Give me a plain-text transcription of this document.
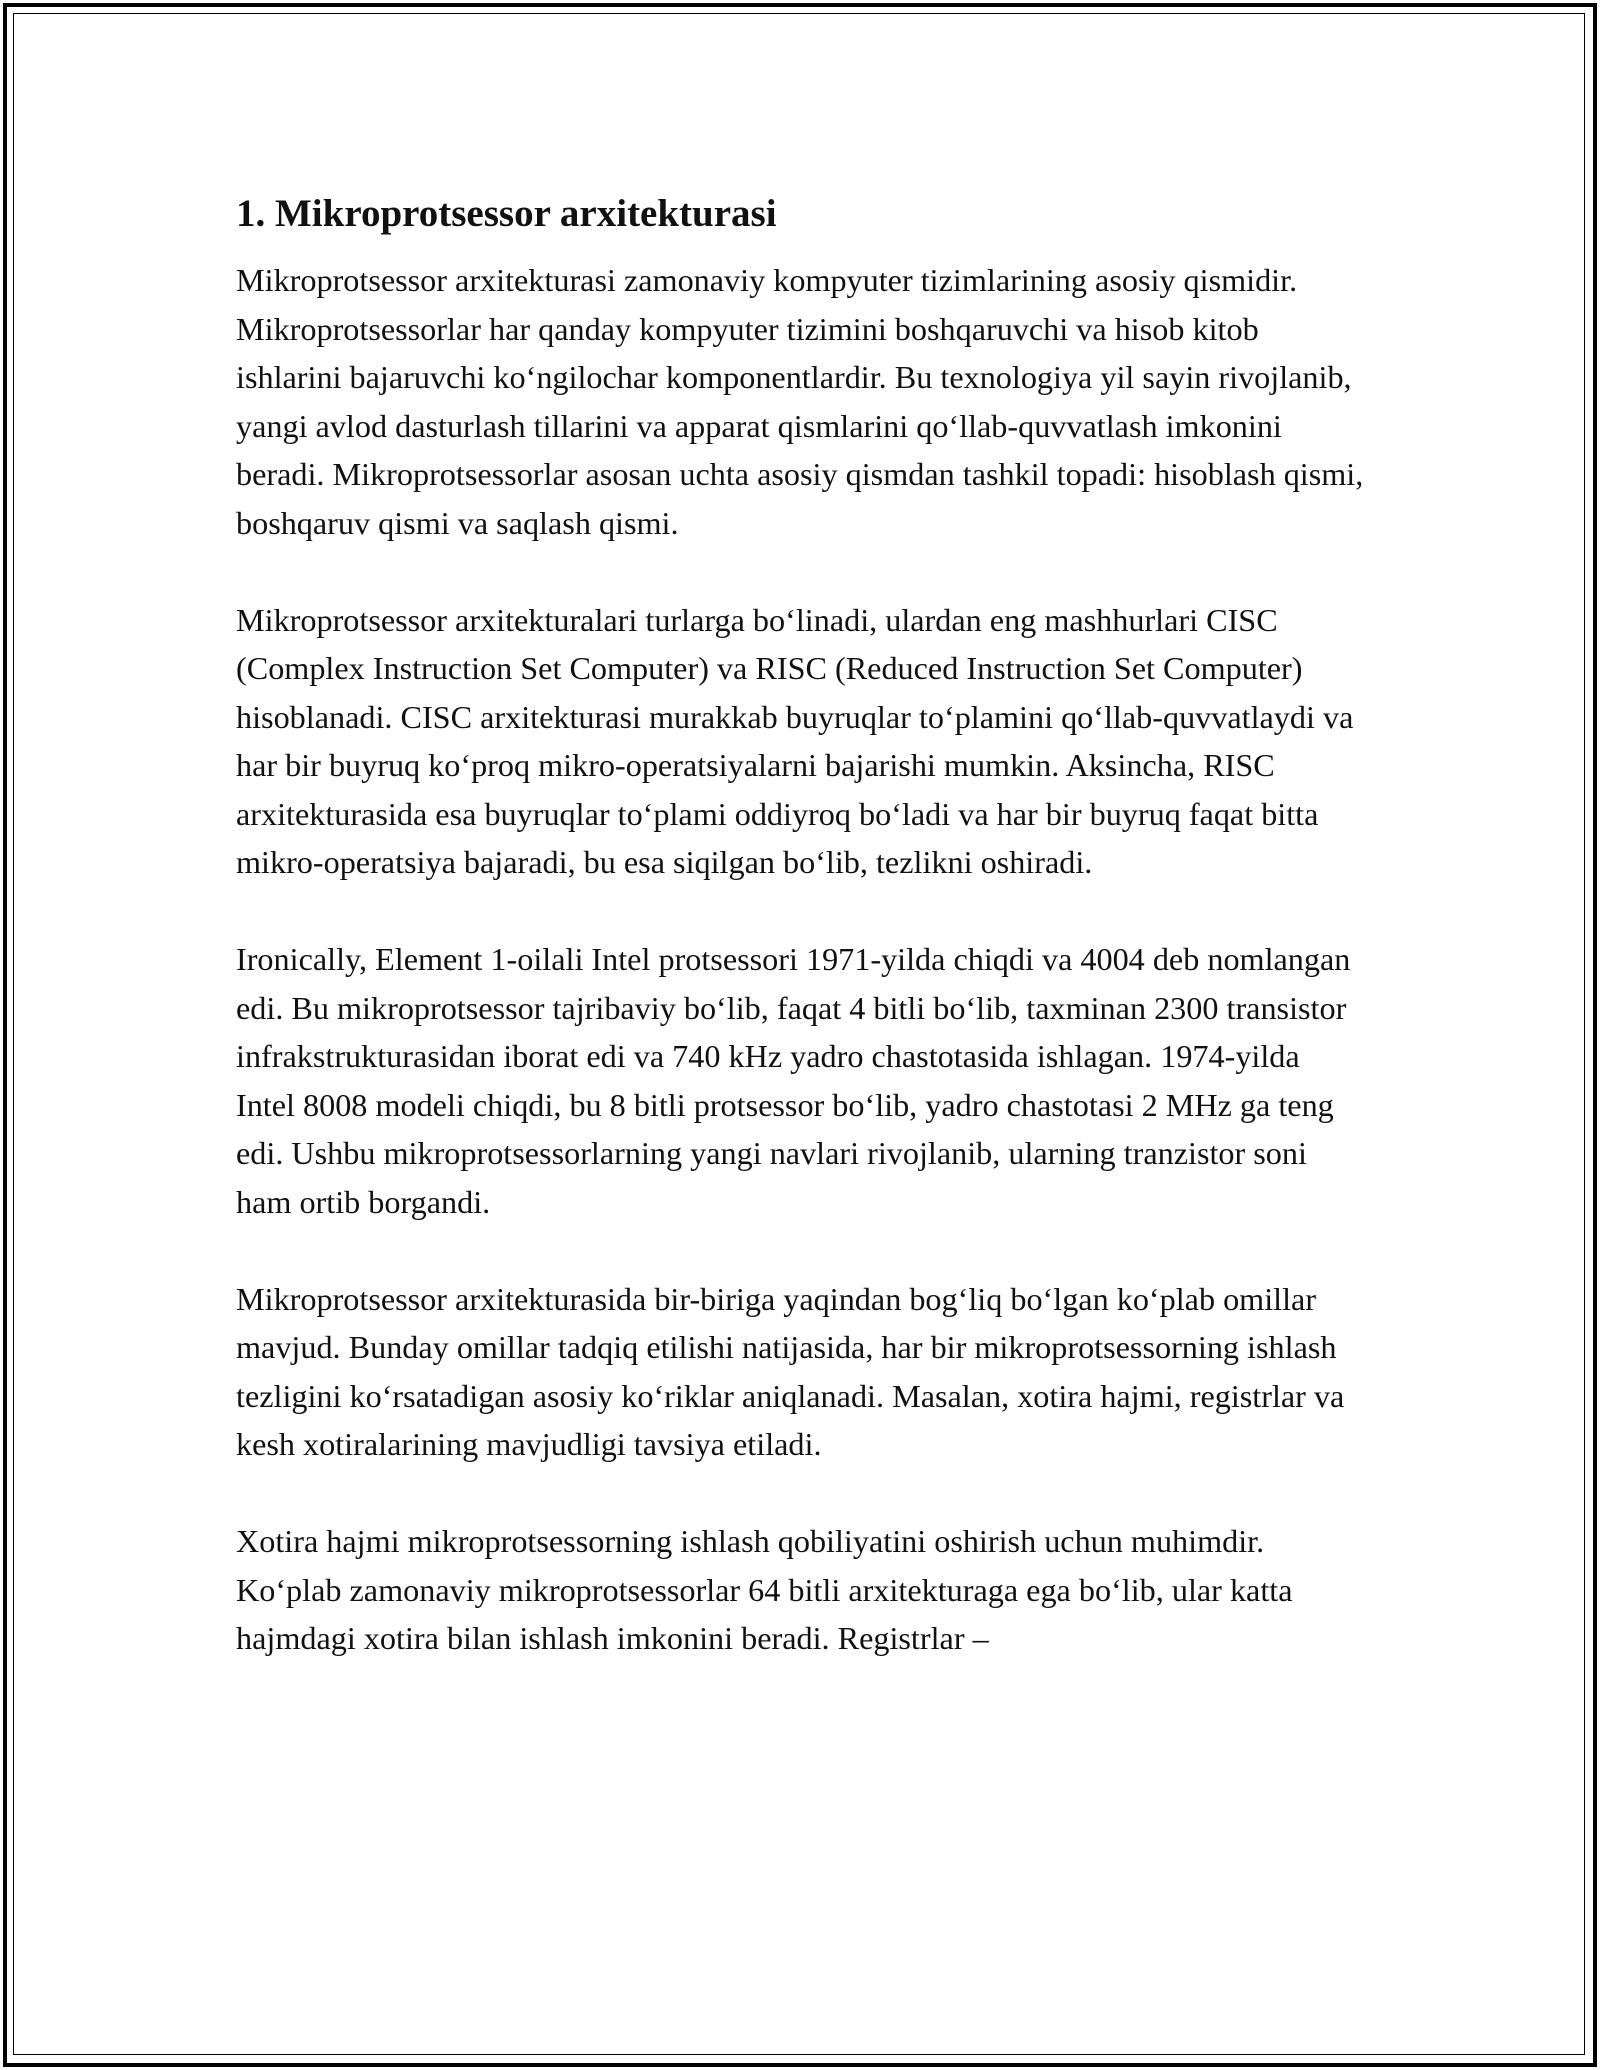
1. Mikroprotsessor arxitekturasi

Mikroprotsessor arxitekturasi zamonaviy kompyuter tizimlarining asosiy qismidir. Mikroprotsessorlar har qanday kompyuter tizimini boshqaruvchi va hisob kitob ishlarini bajaruvchi ko‘ngilochar komponentlardir. Bu texnologiya yil sayin rivojlanib, yangi avlod dasturlash tillarini va apparat qismlarini qo‘llab-quvvatlash imkonini beradi. Mikroprotsessorlar asosan uchta asosiy qismdan tashkil topadi: hisoblash qismi, boshqaruv qismi va saqlash qismi.

Mikroprotsessor arxitekturalari turlarga bo‘linadi, ulardan eng mashhurlari CISC (Complex Instruction Set Computer) va RISC (Reduced Instruction Set Computer) hisoblanadi. CISC arxitekturasi murakkab buyruqlar to‘plamini qo‘llab-quvvatlaydi va har bir buyruq ko‘proq mikro-operatsiyalarni bajarishi mumkin. Aksincha, RISC arxitekturasida esa buyruqlar to‘plami oddiyroq bo‘ladi va har bir buyruq faqat bitta mikro-operatsiya bajaradi, bu esa siqilgan bo‘lib, tezlikni oshiradi.

Ironically, Element 1-oilali Intel protsessori 1971-yilda chiqdi va 4004 deb nomlangan edi. Bu mikroprotsessor tajribaviy bo‘lib, faqat 4 bitli bo‘lib, taxminan 2300 transistor infrakstrukturasidan iborat edi va 740 kHz yadro chastotasida ishlagan. 1974-yilda Intel 8008 modeli chiqdi, bu 8 bitli protsessor bo‘lib, yadro chastotasi 2 MHz ga teng edi. Ushbu mikroprotsessorlarning yangi navlari rivojlanib, ularning tranzistor soni ham ortib borgandi.

Mikroprotsessor arxitekturasida bir-biriga yaqindan bog‘liq bo‘lgan ko‘plab omillar mavjud. Bunday omillar tadqiq etilishi natijasida, har bir mikroprotsessorning ishlash tezligini ko‘rsatadigan asosiy ko‘riklar aniqlanadi. Masalan, xotira hajmi, registrlar va kesh xotiralarining mavjudligi tavsiya etiladi.

Xotira hajmi mikroprotsessorning ishlash qobiliyatini oshirish uchun muhimdir. Ko‘plab zamonaviy mikroprotsessorlar 64 bitli arxitekturaga ega bo‘lib, ular katta hajmdagi xotira bilan ishlash imkonini beradi. Registrlar –
